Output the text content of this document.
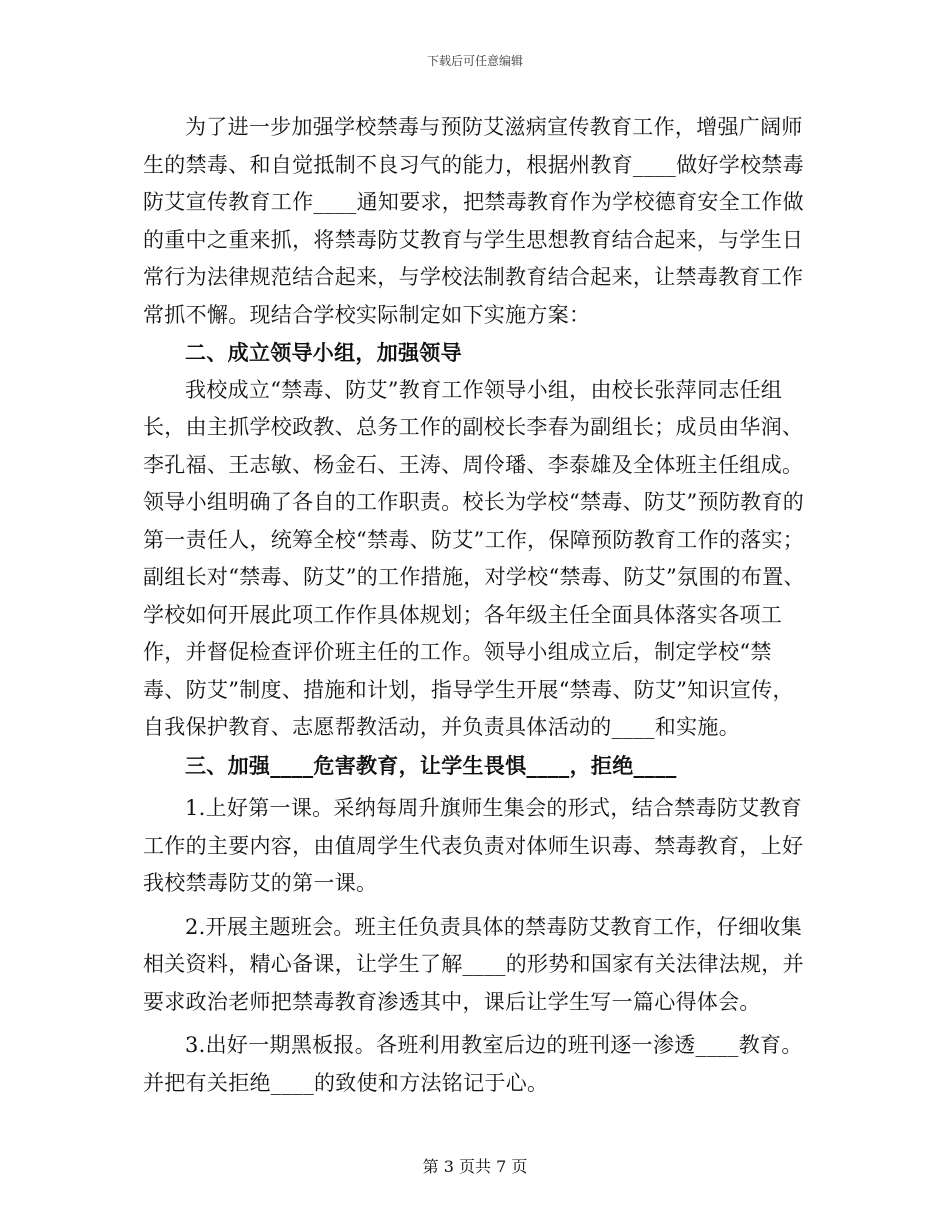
下载后可任意编辑

为了进一步加强学校禁毒与预防艾滋病宣传教育工作，增强广阔师生的禁毒、和自觉抵制不良习气的能力，根据州教育____做好学校禁毒防艾宣传教育工作____通知要求，把禁毒教育作为学校德育安全工作做的重中之重来抓，将禁毒防艾教育与学生思想教育结合起来，与学生日常行为法律规范结合起来，与学校法制教育结合起来，让禁毒教育工作常抓不懈。现结合学校实际制定如下实施方案：

二、成立领导小组，加强领导

我校成立“禁毒、防艾”教育工作领导小组，由校长张萍同志任组长，由主抓学校政教、总务工作的副校长李春为副组长；成员由华润、李孔福、王志敏、杨金石、王涛、周伶璠、李泰雄及全体班主任组成。领导小组明确了各自的工作职责。校长为学校“禁毒、防艾”预防教育的第一责任人，统筹全校“禁毒、防艾”工作，保障预防教育工作的落实；副组长对“禁毒、防艾”的工作措施，对学校“禁毒、防艾”氛围的布置、学校如何开展此项工作作具体规划；各年级主任全面具体落实各项工作，并督促检查评价班主任的工作。领导小组成立后，制定学校“禁毒、防艾”制度、措施和计划，指导学生开展“禁毒、防艾”知识宣传，自我保护教育、志愿帮教活动，并负责具体活动的____和实施。

三、加强____危害教育，让学生畏惧____，拒绝____

1.上好第一课。采纳每周升旗师生集会的形式，结合禁毒防艾教育工作的主要内容，由值周学生代表负责对体师生识毒、禁毒教育，上好我校禁毒防艾的第一课。

2.开展主题班会。班主任负责具体的禁毒防艾教育工作，仔细收集相关资料，精心备课，让学生了解____的形势和国家有关法律法规，并要求政治老师把禁毒教育渗透其中，课后让学生写一篇心得体会。

3.出好一期黑板报。各班利用教室后边的班刊逐一渗透____教育。并把有关拒绝____的致使和方法铭记于心。

第 3 页共 7 页
